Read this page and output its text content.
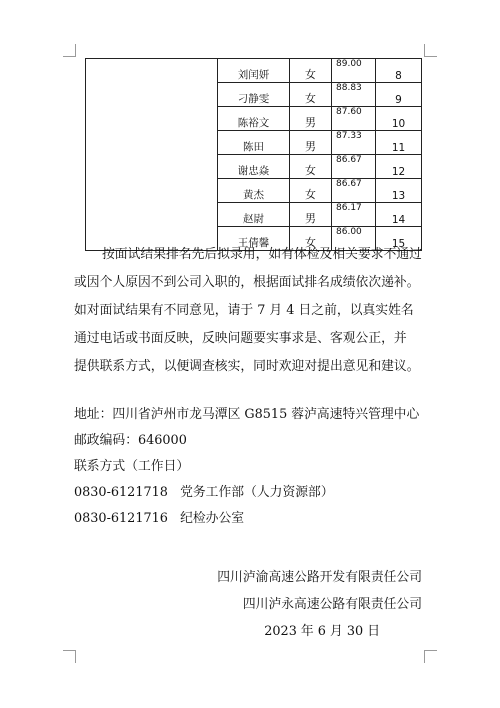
	刘闰妍	女	89.00	8
	刁静雯	女	88.83	9
	陈裕文	男	87.60	10
	陈田	男	87.33	11
	谢忠焱	女	86.67	12
	黄杰	女	86.67	13
	赵尉	男	86.17	14
	王倩馨	女	86.00	15
按面试结果排名先后拟录用，如有体检及相关要求不通过
或因个人原因不到公司入职的，根据面试排名成绩依次递补。
如对面试结果有不同意见，请于 7 月 4 日之前，以真实姓名
通过电话或书面反映，反映问题要实事求是、客观公正，并
提供联系方式，以便调查核实，同时欢迎对提出意见和建议。
地址：四川省泸州市龙马潭区 G8515 蓉泸高速特兴管理中心
邮政编码：646000
联系方式（工作日）
0830-6121718   党务工作部（人力资源部）
0830-6121716   纪检办公室
四川泸渝高速公路开发有限责任公司
四川泸永高速公路有限责任公司
2023 年 6 月 30 日
